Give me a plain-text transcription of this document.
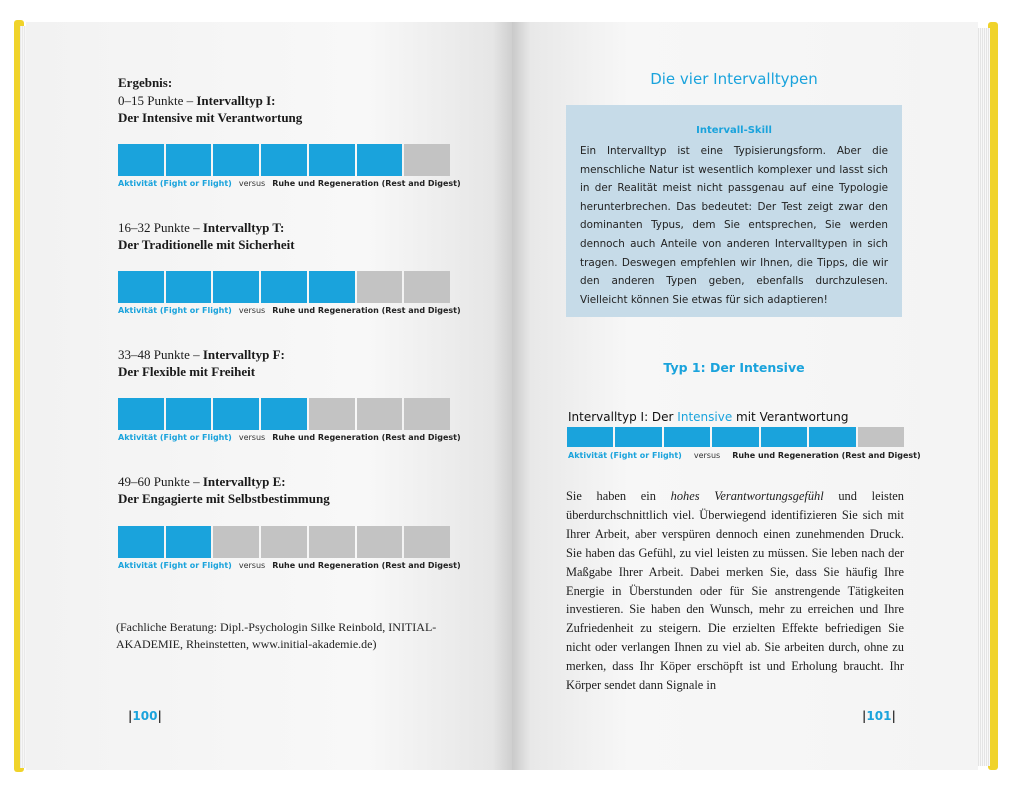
Ergebnis:
0–15 Punkte – Intervalltyp I:
Der Intensive mit Verantwortung
Aktivität (Fight or Flight) versus Ruhe und Regeneration (Rest and Digest)
16–32 Punkte – Intervalltyp T:
Der Traditionelle mit Sicherheit
Aktivität (Fight or Flight) versus Ruhe und Regeneration (Rest and Digest)
33–48 Punkte – Intervalltyp F:
Der Flexible mit Freiheit
Aktivität (Fight or Flight) versus Ruhe und Regeneration (Rest and Digest)
49–60 Punkte – Intervalltyp E:
Der Engagierte mit Selbstbestimmung
Aktivität (Fight or Flight) versus Ruhe und Regeneration (Rest and Digest)
(Fachliche Beratung: Dipl.-Psychologin Silke Reinbold, INITIAL-AKADEMIE, Rheinstetten, www.initial-akademie.de)
|100|
Die vier Intervalltypen
Intervall-Skill
Ein Intervalltyp ist eine Typisierungsform. Aber die menschliche Natur ist wesentlich komplexer und lasst sich in der Realität meist nicht passgenau auf eine Typologie herunterbrechen. Das bedeutet: Der Test zeigt zwar den dominanten Typus, dem Sie entsprechen, Sie werden dennoch auch Anteile von anderen Intervalltypen in sich tragen. Deswegen empfehlen wir Ihnen, die Tipps, die wir den anderen Typen geben, ebenfalls durchzulesen. Vielleicht können Sie etwas für sich adaptieren!
Typ 1: Der Intensive
Intervalltyp I: Der Intensive mit Verantwortung
Aktivität (Fight or Flight) versus Ruhe und Regeneration (Rest and Digest)
Sie haben ein hohes Verantwortungsgefühl und leisten überdurchschnittlich viel. Überwiegend identifizieren Sie sich mit Ihrer Arbeit, aber verspüren dennoch einen zunehmenden Druck. Sie haben das Gefühl, zu viel leisten zu müssen. Sie leben nach der Maßgabe Ihrer Arbeit. Dabei merken Sie, dass Sie häufig Ihre Energie in Überstunden oder für Sie anstrengende Tätigkeiten investieren. Sie haben den Wunsch, mehr zu erreichen und Ihre Zufriedenheit zu steigern. Die erzielten Effekte befriedigen Sie nicht oder verlangen Ihnen zu viel ab. Sie arbeiten durch, ohne zu merken, dass Ihr Köper erschöpft ist und Erholung braucht. Ihr Körper sendet dann Signale in
|101|
